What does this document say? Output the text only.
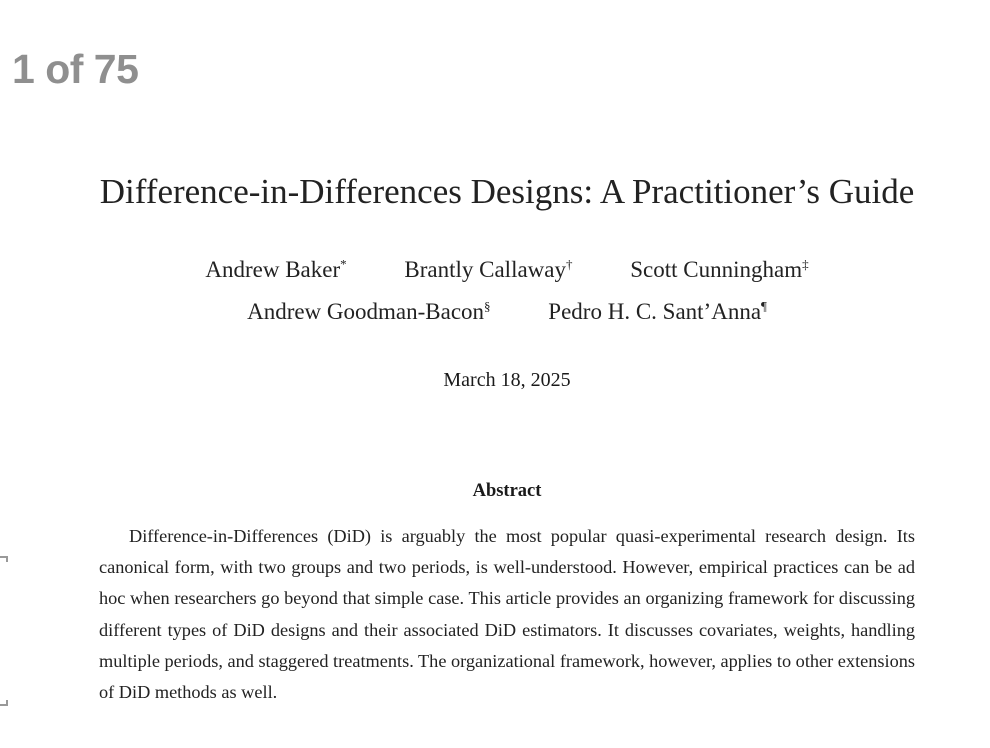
1 of 75
Difference-in-Differences Designs: A Practitioner’s Guide
Andrew Baker*	Brantly Callaway†	Scott Cunningham‡
Andrew Goodman-Bacon§	Pedro H. C. Sant’Anna¶
March 18, 2025
Abstract
Difference-in-Differences (DiD) is arguably the most popular quasi-experimental research design. Its canonical form, with two groups and two periods, is well-understood. However, empirical practices can be ad hoc when researchers go beyond that simple case. This article provides an organizing framework for discussing different types of DiD designs and their associated DiD estimators. It discusses covariates, weights, handling multiple periods, and staggered treatments. The organizational framework, however, applies to other extensions of DiD methods as well.
